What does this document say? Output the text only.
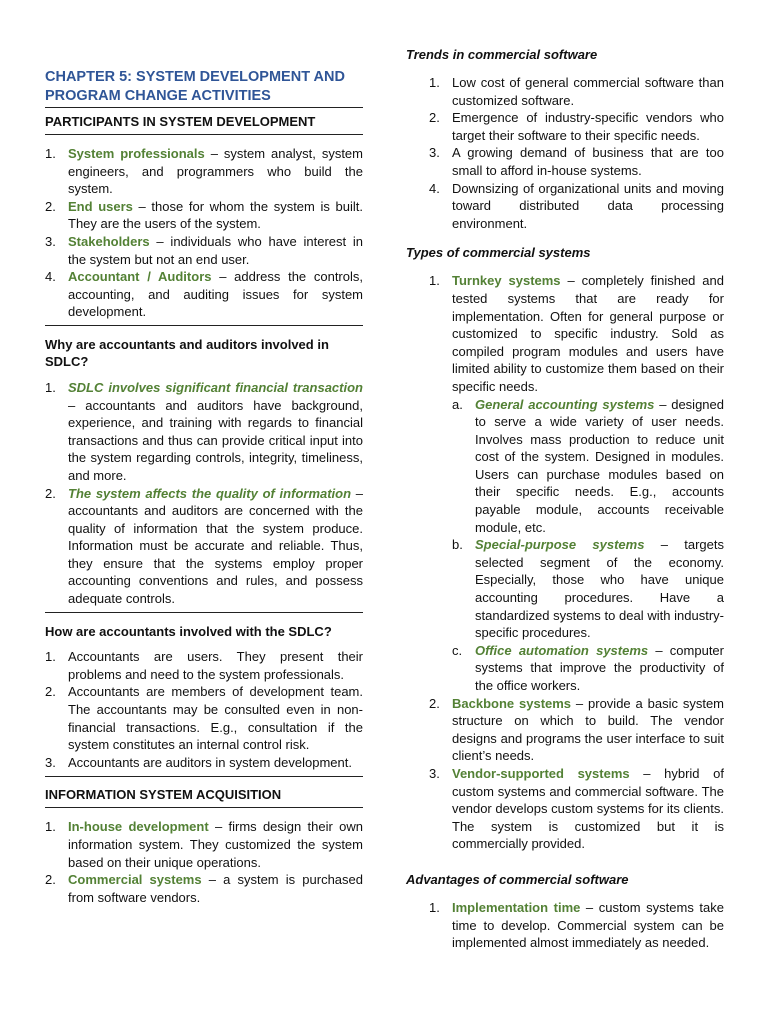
CHAPTER 5: SYSTEM DEVELOPMENT AND PROGRAM CHANGE ACTIVITIES
PARTICIPANTS IN SYSTEM DEVELOPMENT
1. System professionals – system analyst, system engineers, and programmers who build the system.
2. End users – those for whom the system is built. They are the users of the system.
3. Stakeholders – individuals who have interest in the system but not an end user.
4. Accountant / Auditors – address the controls, accounting, and auditing issues for system development.
Why are accountants and auditors involved in SDLC?
1. SDLC involves significant financial transaction – accountants and auditors have background, experience, and training with regards to financial transactions and thus can provide critical input into the system regarding controls, integrity, timeliness, and more.
2. The system affects the quality of information – accountants and auditors are concerned with the quality of information that the system produce. Information must be accurate and reliable. Thus, they ensure that the systems employ proper accounting conventions and rules, and possess adequate controls.
How are accountants involved with the SDLC?
1. Accountants are users. They present their problems and need to the system professionals.
2. Accountants are members of development team. The accountants may be consulted even in non-financial transactions. E.g., consultation if the system constitutes an internal control risk.
3. Accountants are auditors in system development.
INFORMATION SYSTEM ACQUISITION
1. In-house development – firms design their own information system. They customized the system based on their unique operations.
2. Commercial systems – a system is purchased from software vendors.
Trends in commercial software
1. Low cost of general commercial software than customized software.
2. Emergence of industry-specific vendors who target their software to their specific needs.
3. A growing demand of business that are too small to afford in-house systems.
4. Downsizing of organizational units and moving toward distributed data processing environment.
Types of commercial systems
1. Turnkey systems – completely finished and tested systems that are ready for implementation. Often for general purpose or customized to specific industry. Sold as compiled program modules and users have limited ability to customize them based on their specific needs.
a. General accounting systems – designed to serve a wide variety of user needs. Involves mass production to reduce unit cost of the system. Designed in modules. Users can purchase modules based on their specific needs. E.g., accounts payable module, accounts receivable module, etc.
b. Special-purpose systems – targets selected segment of the economy. Especially, those who have unique accounting procedures. Have a standardized systems to deal with industry-specific procedures.
c. Office automation systems – computer systems that improve the productivity of the office workers.
2. Backbone systems – provide a basic system structure on which to build. The vendor designs and programs the user interface to suit client’s needs.
3. Vendor-supported systems – hybrid of custom systems and commercial software. The vendor develops custom systems for its clients. The system is customized but it is commercially provided.
Advantages of commercial software
1. Implementation time – custom systems take time to develop. Commercial system can be implemented almost immediately as needed.
